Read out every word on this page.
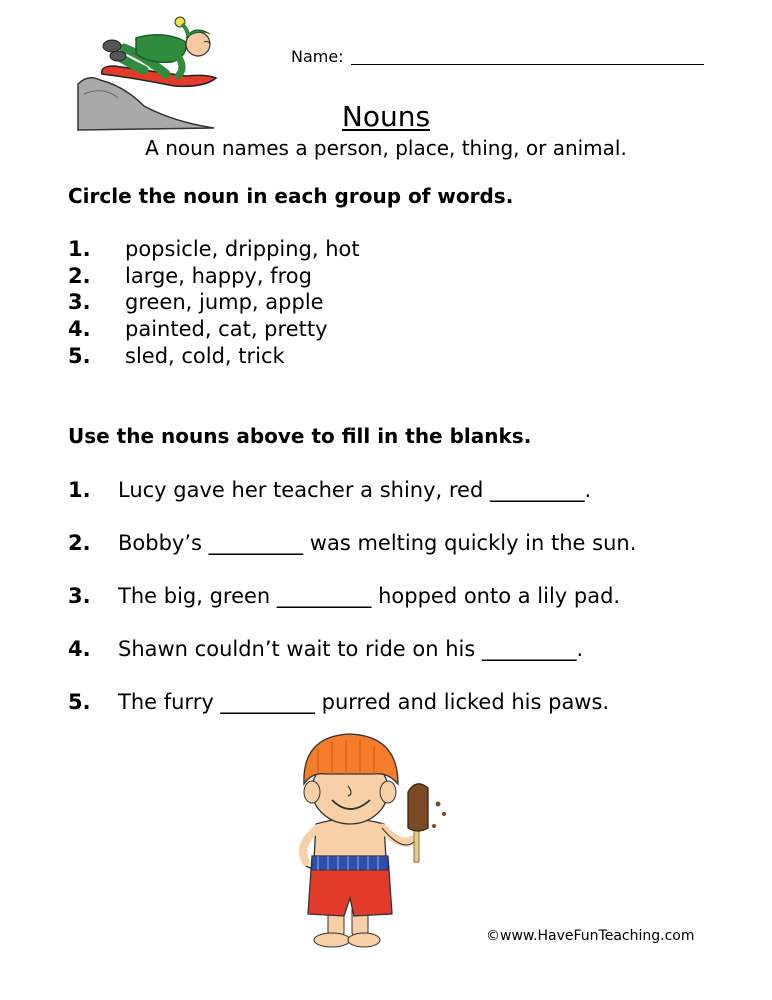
Name:
Nouns
A noun names a person, place, thing, or animal.
Circle the noun in each group of words.
1.	popsicle, dripping, hot
2.	large, happy, frog
3.	green, jump, apple
4.	painted, cat, pretty
5.	sled, cold, trick
Use the nouns above to fill in the blanks.
1.	Lucy gave her teacher a shiny, red _________.
2.	Bobby’s _________ was melting quickly in the sun.
3.	The big, green _________ hopped onto a lily pad.
4.	Shawn couldn’t wait to ride on his _________.
5.	The furry _________ purred and licked his paws.
©www.HaveFunTeaching.com
